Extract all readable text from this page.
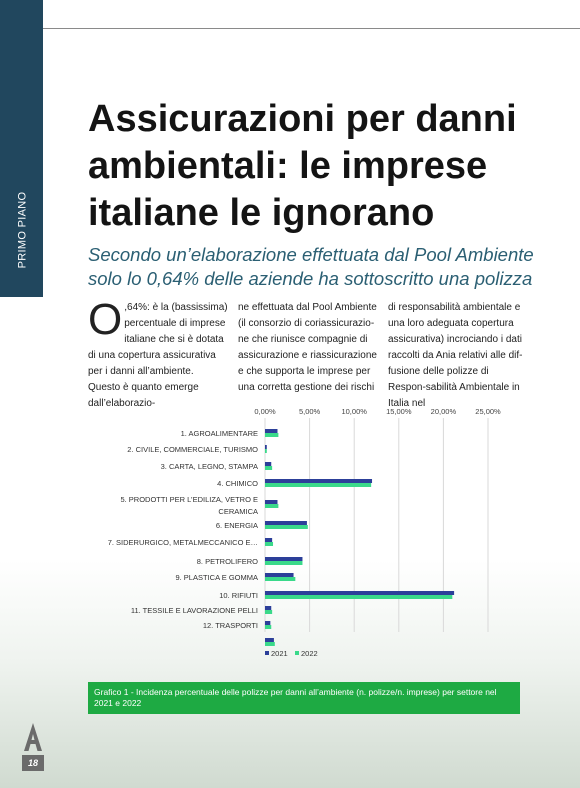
PRIMO PIANO
Assicurazioni per danni ambientali: le imprese italiane le ignorano

Secondo un’elaborazione effettuata dal Pool Ambiente solo lo 0,64% delle aziende ha sottoscritto una polizza

O ,64%: è la (bassissima) percentuale di imprese italiane che si è dotata di una copertura assicurativa per i danni all’ambiente. Questo è quanto emerge dall’elaborazio-
ne effettuata dal Pool Ambiente (il consorzio di coriassicurazio-ne che riunisce compagnie di assicurazione e riassicurazione e che supporta le imprese per una corretta gestione dei rischi
di responsabilità ambientale e una loro adeguata copertura assicurativa) incrociando i dati raccolti da Ania relativi alle dif-fusione delle polizze di Respon-sabilità Ambientale in Italia nel
0,00%	5,00%	10,00%	15,00%	20,00%	25,00%
1. AGROALIMENTARE
2. CIVILE, COMMERCIALE, TURISMO
3. CARTA, LEGNO, STAMPA
4. CHIMICO
5. PRODOTTI PER L’EDILIZA, VETRO E CERAMICA
6. ENERGIA
7. SIDERURGICO, METALMECCANICO E…
8. PETROLIFERO
9. PLASTICA E GOMMA
10. RIFIUTI
11. TESSILE E LAVORAZIONE PELLI
12. TRASPORTI
2021 2022
Grafico 1 - Incidenza percentuale delle polizze per danni all’ambiente (n. polizze/n. imprese) per settore nel 2021 e 2022
18
